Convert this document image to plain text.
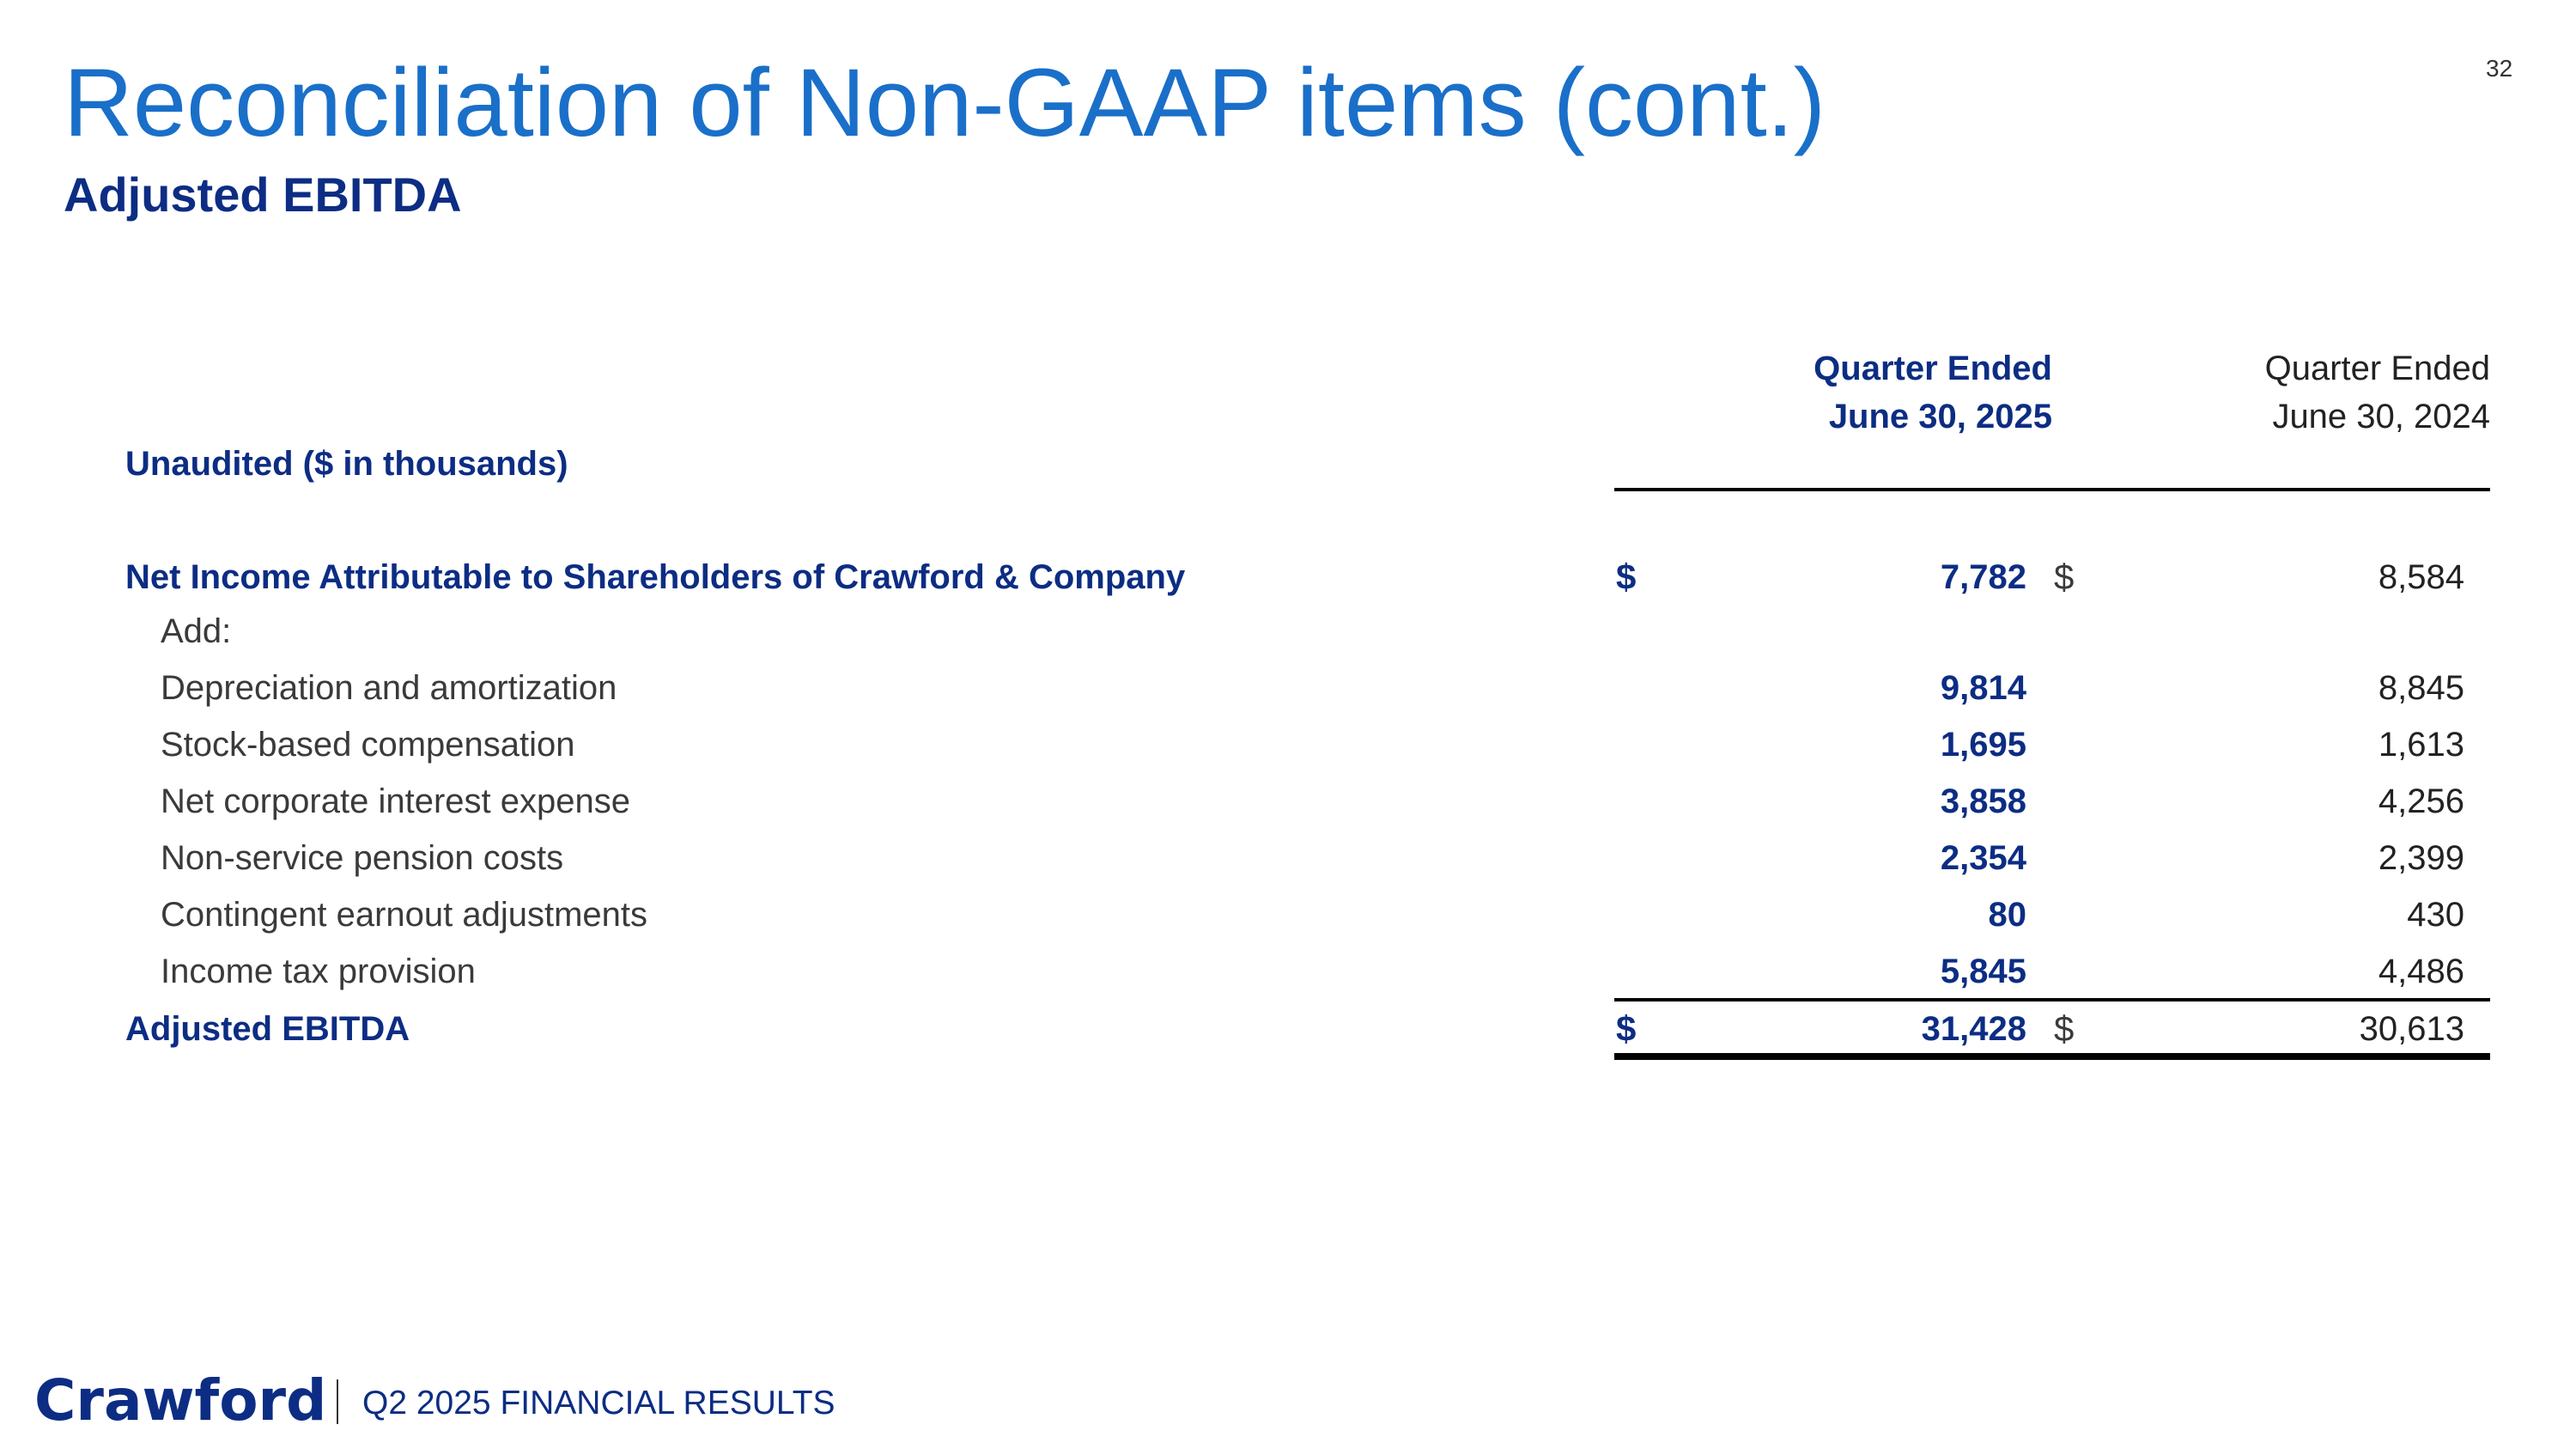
32
Reconciliation of Non-GAAP items (cont.)
Adjusted EBITDA
Quarter Ended
June 30, 2025
Quarter Ended
June 30, 2024
Unaudited ($ in thousands)
Net Income Attributable to Shareholders of Crawford & Company	$	7,782 $	8,584
Add:
Depreciation and amortization	9,814	8,845
Stock-based compensation	1,695	1,613
Net corporate interest expense	3,858	4,256
Non-service pension costs	2,354	2,399
Contingent earnout adjustments	80	430
Income tax provision	5,845	4,486
Adjusted EBITDA	$	31,428 $	30,613
Crawford Q2 2025 FINANCIAL RESULTS
